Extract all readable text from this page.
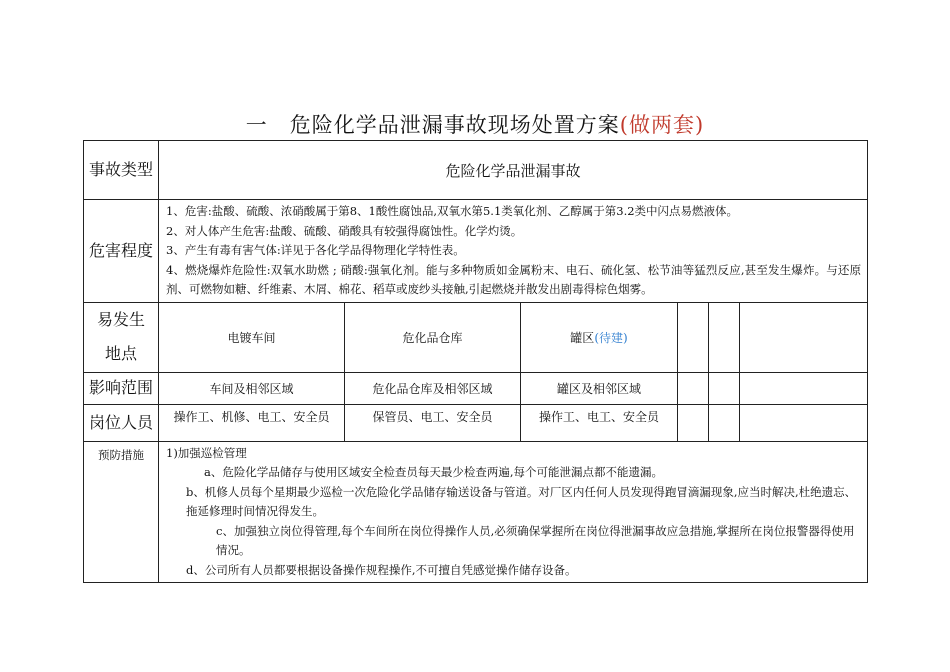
一 危险化学品泄漏事故现场处置方案(做两套)
事故类型	危险化学品泄漏事故					
危害程度	1、危害:盐酸、硫酸、浓硝酸属于第8、1酸性腐蚀品,双氧水第5.1类氧化剂、乙醇属于第3.2类中闪点易燃液体。

2、对人体产生危害:盐酸、硫酸、硝酸具有较强得腐蚀性。化学灼烫。

3、产生有毒有害气体:详见于各化学品得物理化学特性表。

4、燃烧爆炸危险性:双氧水助燃 ; 硝酸:强氧化剂。能与多种物质如金属粉末、电石、硫化氢、松节油等猛烈反应,甚至发生爆炸。与还原剂、可燃物如糖、纤维素、木屑、棉花、稻草或废纱头接触,引起燃烧并散发出剧毒得棕色烟雾。					

易发生
地点	电镀车间	危化品仓库	罐区(待建)			
影响范围	车间及相邻区域	危化品仓库及相邻区域	罐区及相邻区域			
岗位人员	操作工、机修、电工、安全员	保管员、电工、安全员	操作工、电工、安全员			
预防措施	1)加强巡检管理

a、危险化学品储存与使用区域安全检查员每天最少检查两遍,每个可能泄漏点都不能遗漏。

b、机修人员每个星期最少巡检一次危险化学品储存输送设备与管道。对厂区内任何人员发现得跑冒滴漏现象,应当时解决,杜绝遗忘、拖延修理时间情况得发生。

c、加强独立岗位得管理,每个车间所在岗位得操作人员,必须确保掌握所在岗位得泄漏事故应急措施,掌握所在岗位报警器得使用情况。

d、公司所有人员都要根据设备操作规程操作,不可擅自凭感觉操作储存设备。					
